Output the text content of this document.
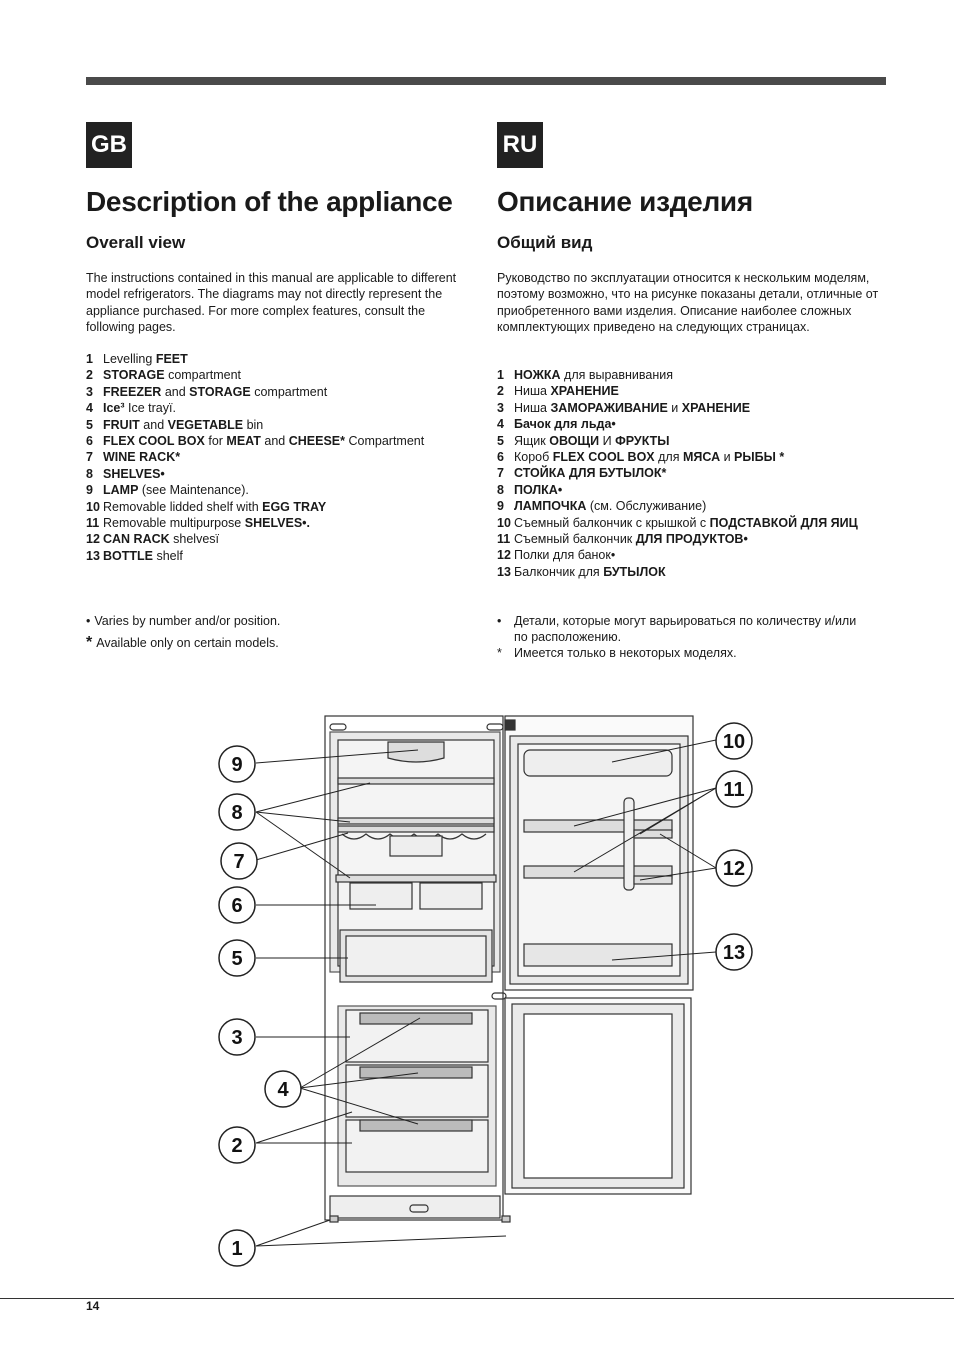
GB
Description of the appliance
Overall view

The instructions contained in this manual are applicable to different model refrigerators. The diagrams may not directly represent the appliance purchased. For more complex features, consult the following pages.

1 Levelling FEET
2 STORAGE compartment
3 FREEZER and STORAGE compartment
4 Ice³ Ice trayï.
5 FRUIT and VEGETABLE bin
6 FLEX COOL BOX for MEAT and CHEESE* Compartment
7 WINE RACK*
8 SHELVES•
9 LAMP (see Maintenance).
10 Removable lidded shelf with EGG TRAY
11 Removable multipurpose SHELVES•.
12 CAN RACK shelvesï
13 BOTTLE shelf
• Varies by number and/or position.
* Available only on certain models.
RU
Описание изделия
Общий вид

Руководство по эксплуатации относится к нескольким моделям, поэтому возможно, что на рисунке показаны детали, отличные от приобретенного вами изделия. Описание наиболее сложных комплектующих приведено на следующих страницах.

1 НОЖКА для выравнивания
2 Ниша ХРАНЕНИЕ
3 Ниша ЗАМОРАЖИВАНИЕ и ХРАНЕНИЕ
4 Бачок для льда•
5 Ящик ОВОЩИ И ФРУКТЫ
6 Короб FLEX COOL BOX для МЯСА и РЫБЫ *
7 СТОЙКА ДЛЯ БУТЫЛОК*
8 ПОЛКА•
9 ЛАМПОЧКА (см. Обслуживание)
10 Съемный балкончик с крышкой с ПОДСТАВКОЙ ДЛЯ ЯИЦ
11 Съемный балкончик ДЛЯ ПРОДУКТОВ•
12 Полки для банок•
13 Балкончик для БУТЫЛОК
• Детали, которые могут варьироваться по количеству и/или по расположению.
* Имеется только в некоторых моделях.
1
2
3
4
5
6
7
8
9
10
11
12
13
14
